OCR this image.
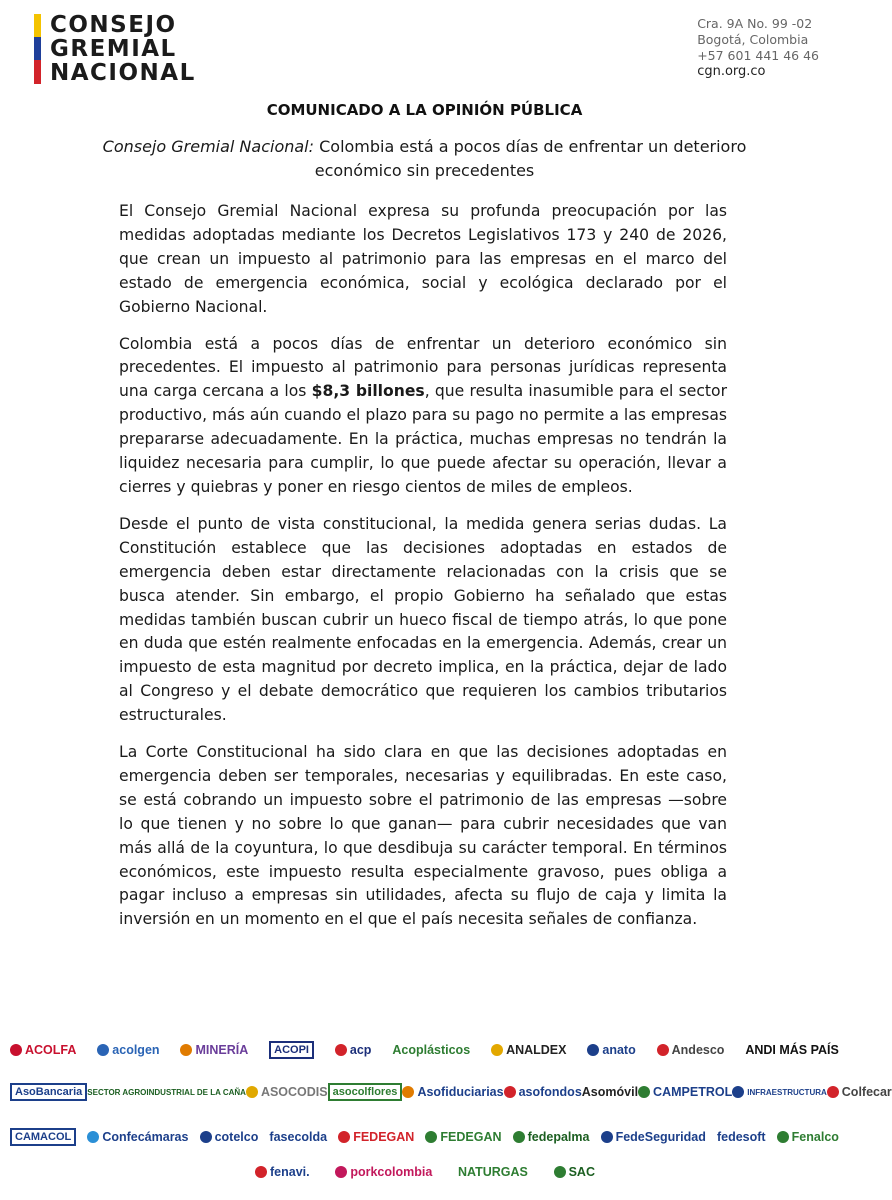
CONSEJO
GREMIAL
NACIONAL
Cra. 9A No. 99 -02
Bogotá, Colombia
+57 601 441 46 46
cgn.org.co
COMUNICADO A LA OPINIÓN PÚBLICA
Consejo Gremial Nacional: Colombia está a pocos días de enfrentar un deterioro económico sin precedentes

El Consejo Gremial Nacional expresa su profunda preocupación por las medidas adoptadas mediante los Decretos Legislativos 173 y 240 de 2026, que crean un impuesto al patrimonio para las empresas en el marco del estado de emergencia económica, social y ecológica declarado por el Gobierno Nacional.

Colombia está a pocos días de enfrentar un deterioro económico sin precedentes. El impuesto al patrimonio para personas jurídicas representa una carga cercana a los $8,3 billones, que resulta inasumible para el sector productivo, más aún cuando el plazo para su pago no permite a las empresas prepararse adecuadamente. En la práctica, muchas empresas no tendrán la liquidez necesaria para cumplir, lo que puede afectar su operación, llevar a cierres y quiebras y poner en riesgo cientos de miles de empleos.

Desde el punto de vista constitucional, la medida genera serias dudas. La Constitución establece que las decisiones adoptadas en estados de emergencia deben estar directamente relacionadas con la crisis que se busca atender. Sin embargo, el propio Gobierno ha señalado que estas medidas también buscan cubrir un hueco fiscal de tiempo atrás, lo que pone en duda que estén realmente enfocadas en la emergencia. Además, crear un impuesto de esta magnitud por decreto implica, en la práctica, dejar de lado al Congreso y el debate democrático que requieren los cambios tributarios estructurales.

La Corte Constitucional ha sido clara en que las decisiones adoptadas en emergencia deben ser temporales, necesarias y equilibradas. En este caso, se está cobrando un impuesto sobre el patrimonio de las empresas —sobre lo que tienen y no sobre lo que ganan— para cubrir necesidades que van más allá de la coyuntura, lo que desdibuja su carácter temporal. En términos económicos, este impuesto resulta especialmente gravoso, pues obliga a pagar incluso a empresas sin utilidades, afecta su flujo de caja y limita la inversión en un momento en el que el país necesita señales de confianza.

ACOLFA	acolgen	MINERÍA ACOPI	acp Acoplásticos	ANALDEX	anato	Andesco ANDI MÁS PAÍS
AsoBancaria SECTOR AGROINDUSTRIAL DE LA CAÑA ASOCODIS asocolflores Asofiduciarias asofondos Asomóvil CAMPETROL INFRAESTRUCTURA Colfecar
CAMACOL Confecámaras cotelco fasecolda FEDEGAN FEDEGAN fedepalma FedeSeguridad fedesoft Fenalco
fenavi.	porkcolombia NATURGAS	SAC
